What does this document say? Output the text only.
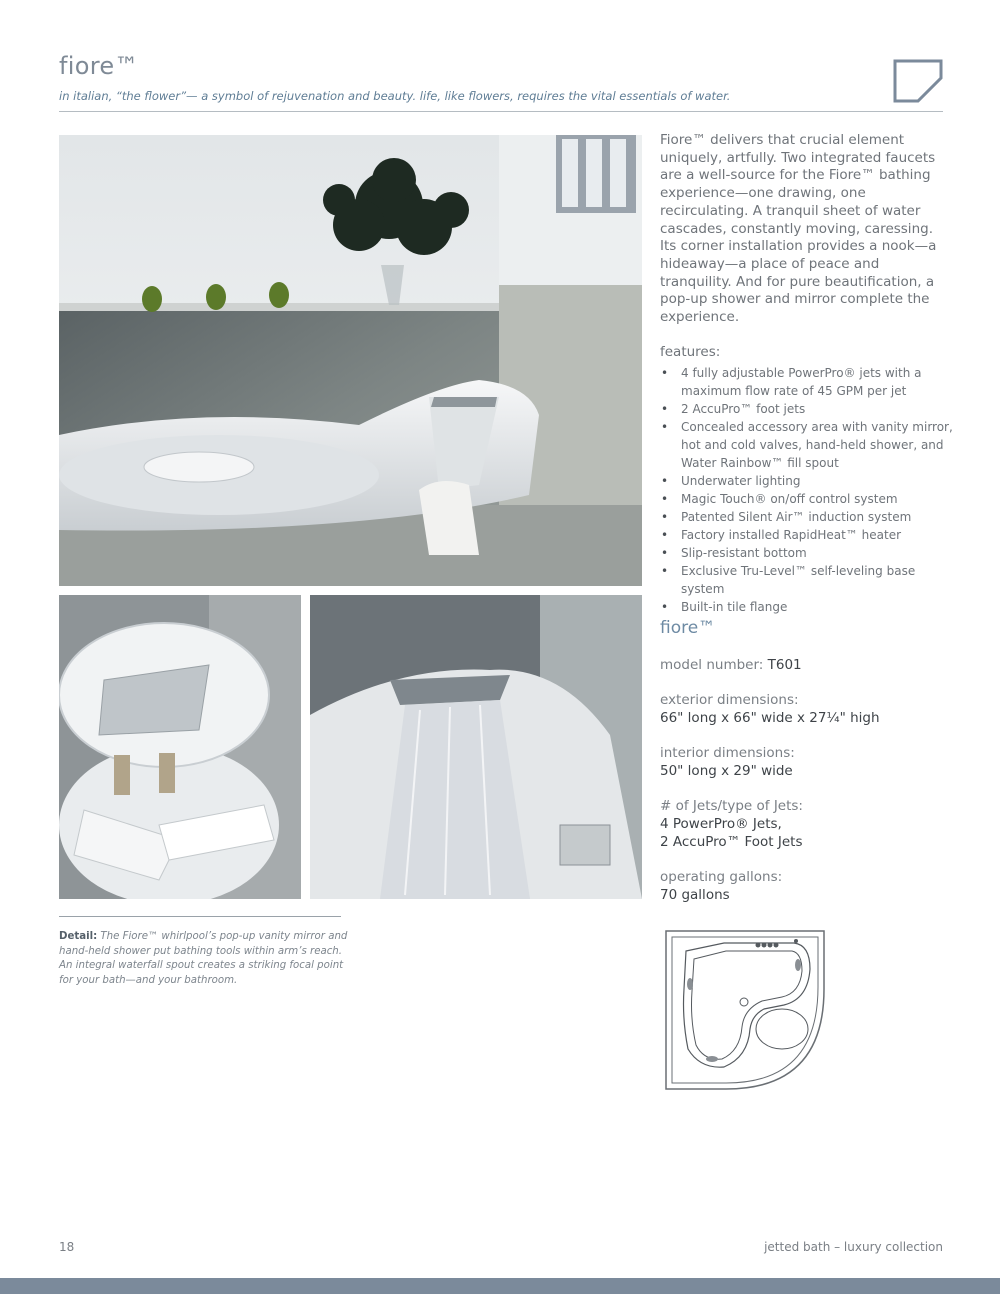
fiore™
in italian, “the flower”— a symbol of rejuvenation and beauty. life, like flowers, requires the vital essentials of water.

Fiore™ delivers that crucial element uniquely, artfully. Two integrated faucets are a well-source for the Fiore™ bathing experience—one drawing, one recirculating. A tranquil sheet of water cascades, constantly moving, caressing. Its corner installation provides a nook—a hideaway—a place of peace and tranquility. And for pure beautification, a pop-up shower and mirror complete the experience.

features:
• 4 fully adjustable PowerPro® jets with a maximum flow rate of 45 GPM per jet
• 2 AccuPro™ foot jets
• Concealed accessory area with vanity mirror, hot and cold valves, hand-held shower, and Water Rainbow™ fill spout
• Underwater lighting
• Magic Touch® on/off control system
• Patented Silent Air™ induction system
• Factory installed RapidHeat™ heater
• Slip-resistant bottom
• Exclusive Tru-Level™ self-leveling base system
• Built-in tile flange
fiore™
model number: T601
exterior dimensions:
66" long x 66" wide x 27¼" high
interior dimensions:
50" long x 29" wide
# of Jets/type of Jets:
4 PowerPro® Jets,
2 AccuPro™ Foot Jets
operating gallons:
70 gallons

Detail: The Fiore™ whirlpool’s pop-up vanity mirror and hand-held shower put bathing tools within arm’s reach. An integral waterfall spout creates a striking focal point for your bath—and your bathroom.

18	jetted bath – luxury collection
